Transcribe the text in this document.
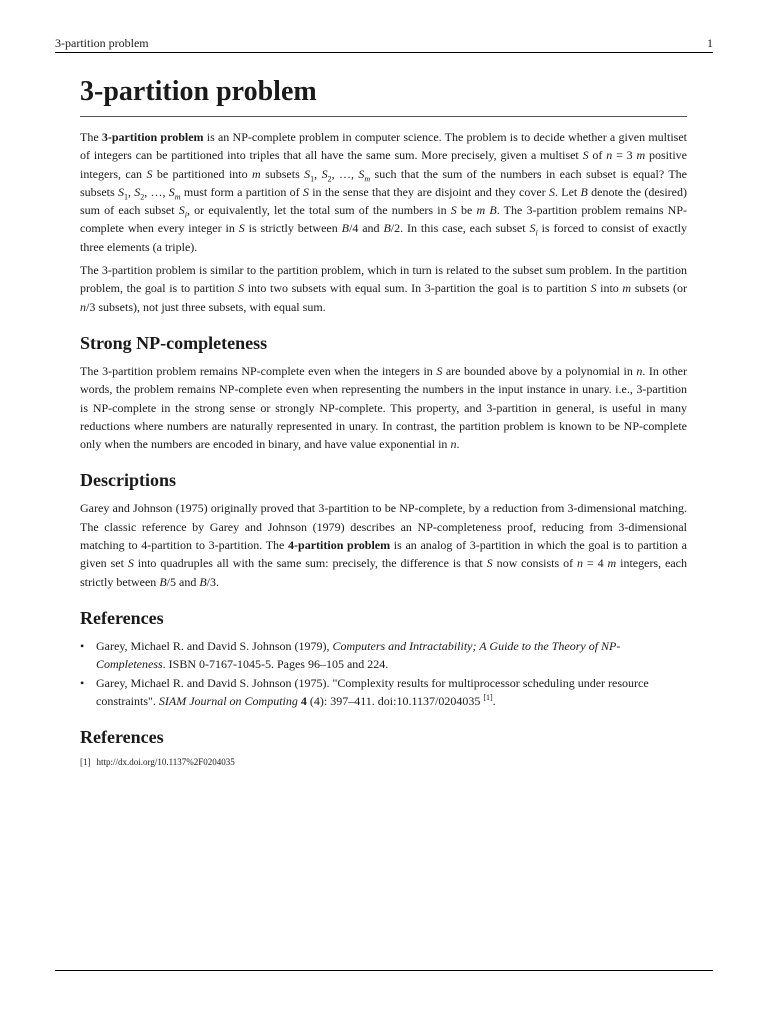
3-partition problem	1
3-partition problem

The 3-partition problem is an NP-complete problem in computer science. The problem is to decide whether a given multiset of integers can be partitioned into triples that all have the same sum. More precisely, given a multiset S of n = 3 m positive integers, can S be partitioned into m subsets $S_1$, $S_2$, …, $S_m$ such that the sum of the numbers in each subset is equal? The subsets $S_1$, $S_2$, …, $S_m$ must form a partition of S in the sense that they are disjoint and they cover S. Let B denote the (desired) sum of each subset $S_i$, or equivalently, let the total sum of the numbers in S be m B. The 3-partition problem remains NP-complete when every integer in S is strictly between B/4 and B/2. In this case, each subset $S_i$ is forced to consist of exactly three elements (a triple).

The 3-partition problem is similar to the partition problem, which in turn is related to the subset sum problem. In the partition problem, the goal is to partition S into two subsets with equal sum. In 3-partition the goal is to partition S into m subsets (or n/3 subsets), not just three subsets, with equal sum.

Strong NP-completeness

The 3-partition problem remains NP-complete even when the integers in S are bounded above by a polynomial in n. In other words, the problem remains NP-complete even when representing the numbers in the input instance in unary. i.e., 3-partition is NP-complete in the strong sense or strongly NP-complete. This property, and 3-partition in general, is useful in many reductions where numbers are naturally represented in unary. In contrast, the partition problem is known to be NP-complete only when the numbers are encoded in binary, and have value exponential in n.

Descriptions

Garey and Johnson (1975) originally proved that 3-partition to be NP-complete, by a reduction from 3-dimensional matching. The classic reference by Garey and Johnson (1979) describes an NP-completeness proof, reducing from 3-dimensional matching to 4-partition to 3-partition. The 4-partition problem is an analog of 3-partition in which the goal is to partition a given set S into quadruples all with the same sum: precisely, the difference is that S now consists of n = 4 m integers, each strictly between B/5 and B/3.

References
• Garey, Michael R. and David S. Johnson (1979), Computers and Intractability; A Guide to the Theory of NP-Completeness. ISBN 0-7167-1045-5. Pages 96–105 and 224.
• Garey, Michael R. and David S. Johnson (1975). "Complexity results for multiprocessor scheduling under resource constraints". SIAM Journal on Computing 4 (4): 397–411. doi:10.1137/0204035 [1].
References

[1] http://dx.doi.org/10.1137%2F0204035
